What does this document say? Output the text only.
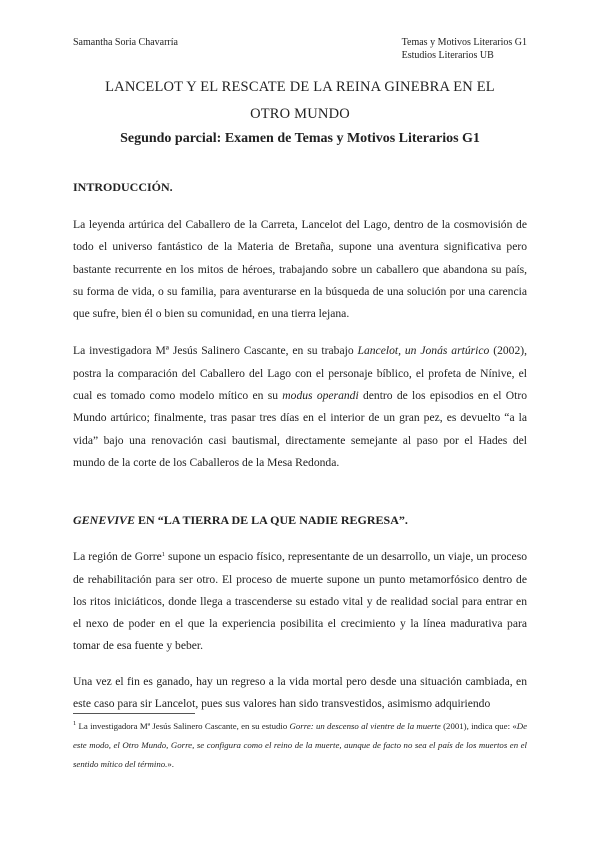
Samantha Soria Chavarría	Temas y Motivos Literarios G1
Estudios Literarios UB
LANCELOT Y EL RESCATE DE LA REINA GINEBRA EN EL
OTRO MUNDO
Segundo parcial: Examen de Temas y Motivos Literarios G1
INTRODUCCIÓN.

La leyenda artúrica del Caballero de la Carreta, Lancelot del Lago, dentro de la cosmovisión de todo el universo fantástico de la Materia de Bretaña, supone una aventura significativa pero bastante recurrente en los mitos de héroes, trabajando sobre un caballero que abandona su país, su forma de vida, o su familia, para aventurarse en la búsqueda de una solución por una carencia que sufre, bien él o bien su comunidad, en una tierra lejana.

La investigadora Mª Jesús Salinero Cascante, en su trabajo Lancelot, un Jonás artúrico (2002), postra la comparación del Caballero del Lago con el personaje bíblico, el profeta de Nínive, el cual es tomado como modelo mítico en su modus operandi dentro de los episodios en el Otro Mundo artúrico; finalmente, tras pasar tres días en el interior de un gran pez, es devuelto “a la vida” bajo una renovación casi bautismal, directamente semejante al paso por el Hades del mundo de la corte de los Caballeros de la Mesa Redonda.

GENEVIVE EN “LA TIERRA DE LA QUE NADIE REGRESA”.

La región de Gorre$^1$ supone un espacio físico, representante de un desarrollo, un viaje, un proceso de rehabilitación para ser otro. El proceso de muerte supone un punto metamorfósico dentro de los ritos iniciáticos, donde llega a trascenderse su estado vital y de realidad social para entrar en el nexo de poder en el que la experiencia posibilita el crecimiento y la línea madurativa para tomar de esa fuente y beber.

Una vez el fin es ganado, hay un regreso a la vida mortal pero desde una situación cambiada, en este caso para sir Lancelot, pues sus valores han sido transvestidos, asimismo adquiriendo

$^1$ La investigadora Mª Jesús Salinero Cascante, en su estudio Gorre: un descenso al vientre de la muerte (2001), indica que: «De este modo, el Otro Mundo, Gorre, se configura como el reino de la muerte, aunque de facto no sea el país de los muertos en el sentido mítico del término.».
